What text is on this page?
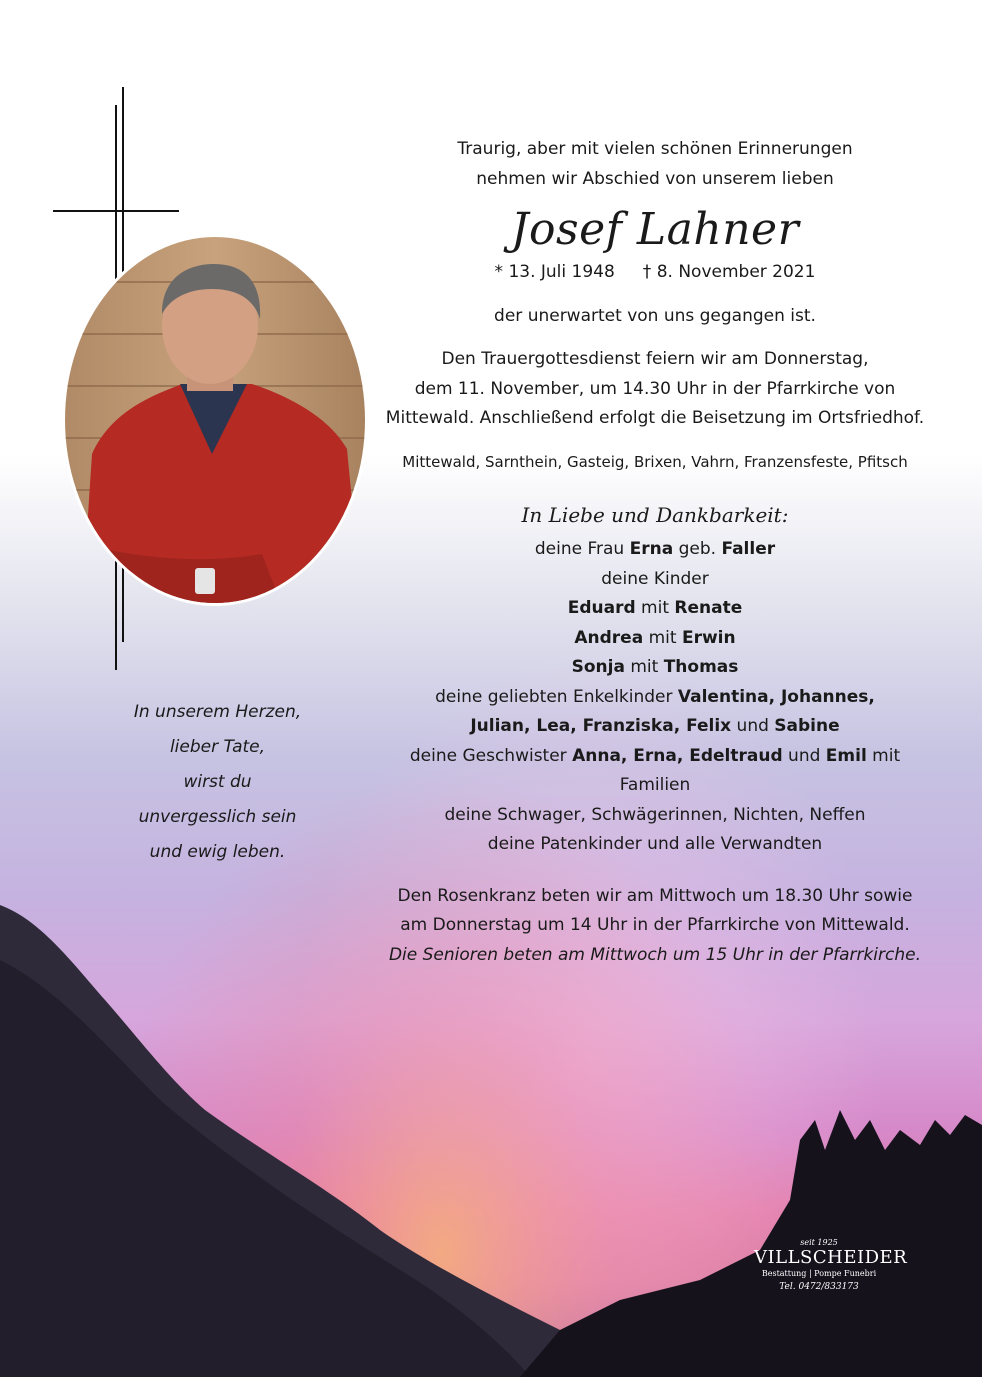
Traurig, aber mit vielen schönen Erinnerungen

nehmen wir Abschied von unserem lieben

Josef Lahner

* 13. Juli 1948 † 8. November 2021

der unerwartet von uns gegangen ist.

Den Trauergottesdienst feiern wir am Donnerstag,

dem 11. November, um 14.30 Uhr in der Pfarrkirche von

Mittewald. Anschließend erfolgt die Beisetzung im Ortsfriedhof.

Mittewald, Sarnthein, Gasteig, Brixen, Vahrn, Franzensfeste, Pfitsch

In Liebe und Dankbarkeit:

deine Frau Erna geb. Faller

deine Kinder

Eduard mit Renate

Andrea mit Erwin

Sonja mit Thomas

deine geliebten Enkelkinder Valentina, Johannes,

Julian, Lea, Franziska, Felix und Sabine

deine Geschwister Anna, Erna, Edeltraud und Emil mit Familien

deine Schwager, Schwägerinnen, Nichten, Neffen

deine Patenkinder und alle Verwandten

Den Rosenkranz beten wir am Mittwoch um 18.30 Uhr sowie

am Donnerstag um 14 Uhr in der Pfarrkirche von Mittewald.

Die Senioren beten am Mittwoch um 15 Uhr in der Pfarrkirche.

In unserem Herzen,
lieber Tate,
wirst du
unvergesslich sein
und ewig leben.
seit 1925
VILLSCHEIDER
Bestattung | Pompe Funebri
Tel. 0472/833173
